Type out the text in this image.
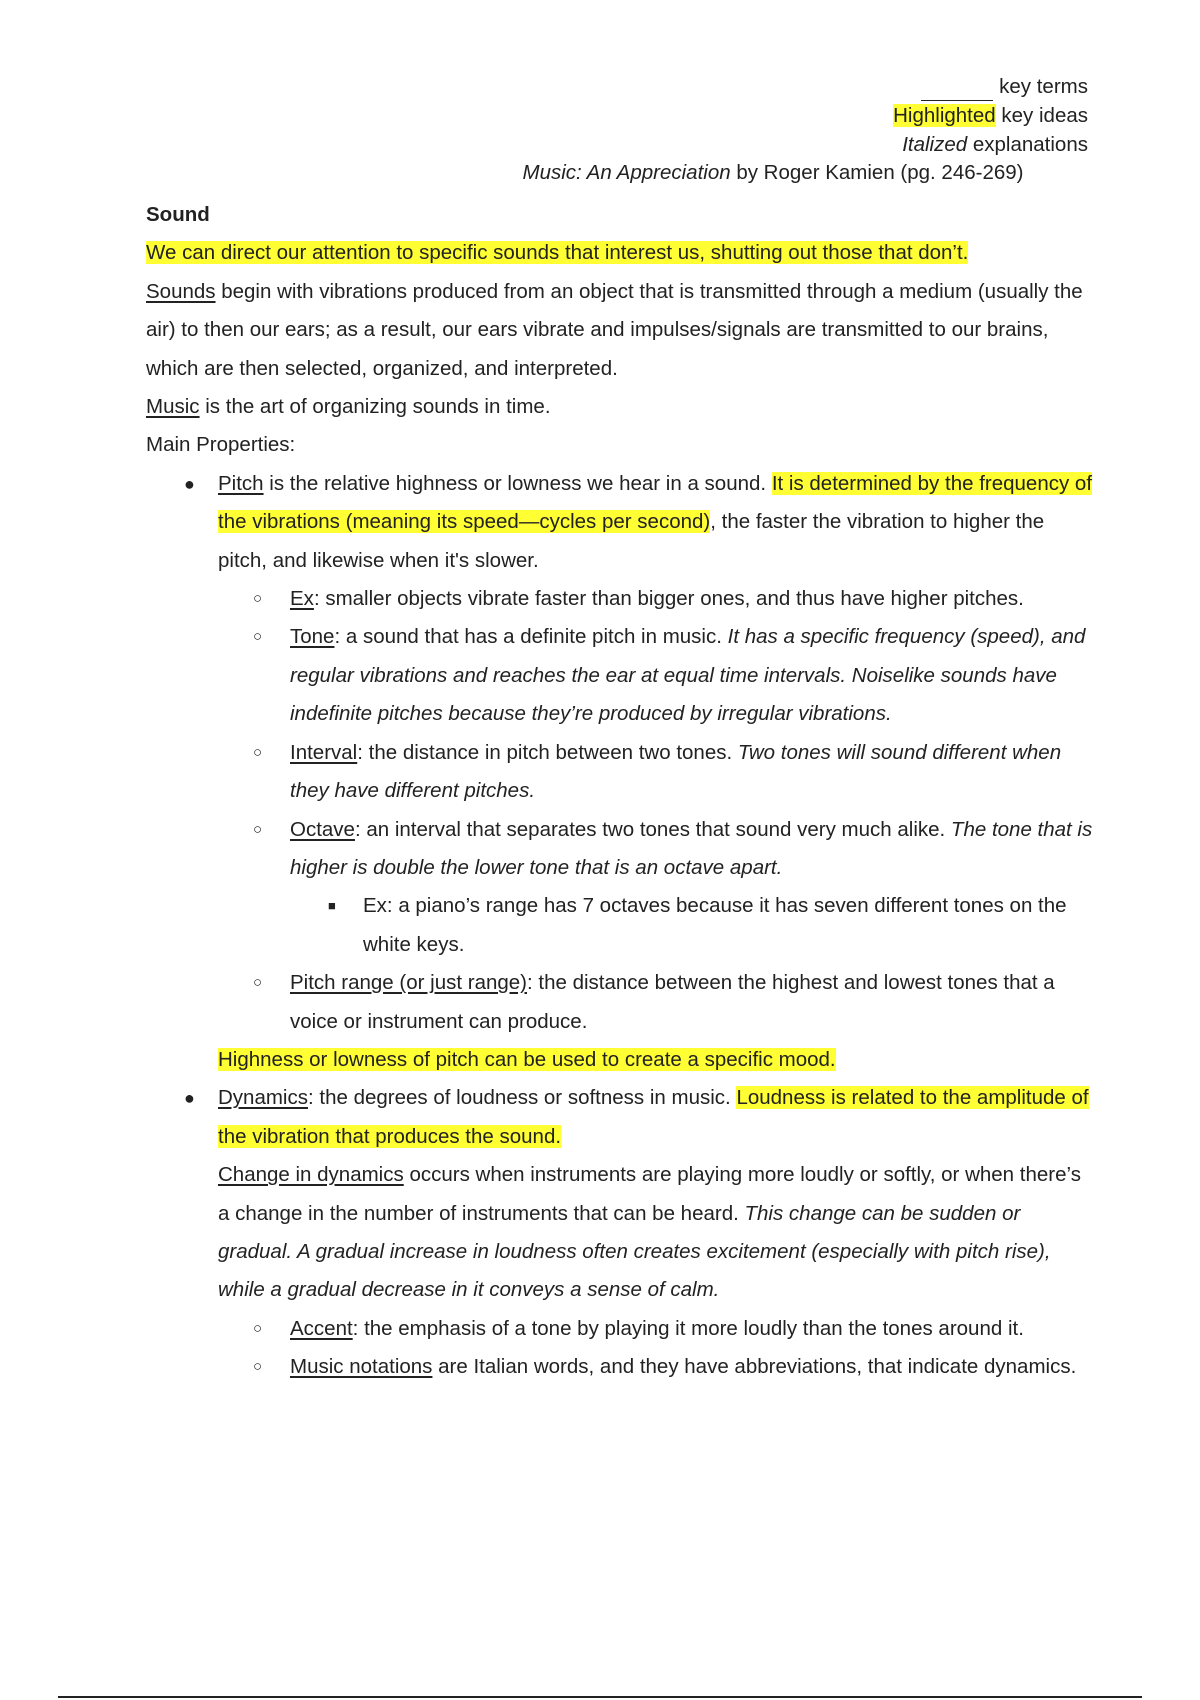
key terms
Highlighted key ideas
Italized explanations
Music: An Appreciation by Roger Kamien (pg. 246-269)

Sound

We can direct our attention to specific sounds that interest us, shutting out those that don’t.

Sounds begin with vibrations produced from an object that is transmitted through a medium (usually the air) to then our ears; as a result, our ears vibrate and impulses/signals are transmitted to our brains, which are then selected, organized, and interpreted.

Music is the art of organizing sounds in time.

Main Properties:

● Pitch is the relative highness or lowness we hear in a sound. It is determined by the frequency of the vibrations (meaning its speed—cycles per second), the faster the vibration to higher the pitch, and likewise when it's slower.
○ Ex: smaller objects vibrate faster than bigger ones, and thus have higher pitches.
○ Tone: a sound that has a definite pitch in music. It has a specific frequency (speed), and regular vibrations and reaches the ear at equal time intervals. Noiselike sounds have indefinite pitches because they’re produced by irregular vibrations.
○ Interval: the distance in pitch between two tones. Two tones will sound different when they have different pitches.
○ Octave: an interval that separates two tones that sound very much alike. The tone that is higher is double the lower tone that is an octave apart.
■ Ex: a piano’s range has 7 octaves because it has seven different tones on the white keys.
○ Pitch range (or just range): the distance between the highest and lowest tones that a voice or instrument can produce.
Highness or lowness of pitch can be used to create a specific mood.
● Dynamics: the degrees of loudness or softness in music. Loudness is related to the amplitude of the vibration that produces the sound.
Change in dynamics occurs when instruments are playing more loudly or softly, or when there’s a change in the number of instruments that can be heard. This change can be sudden or gradual. A gradual increase in loudness often creates excitement (especially with pitch rise), while a gradual decrease in it conveys a sense of calm.
○ Accent: the emphasis of a tone by playing it more loudly than the tones around it.
○ Music notations are Italian words, and they have abbreviations, that indicate dynamics.
